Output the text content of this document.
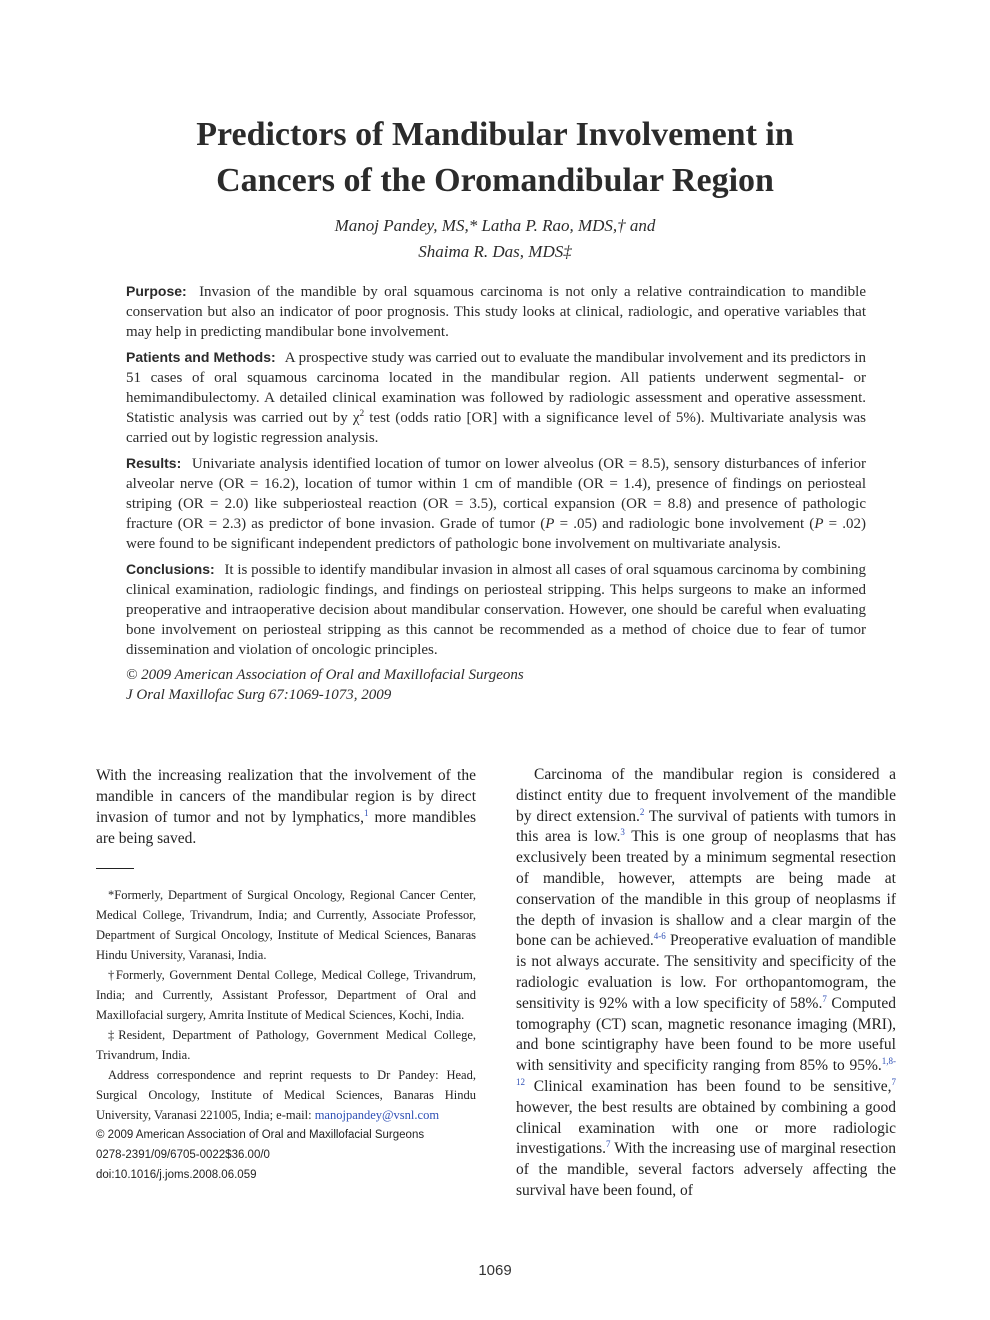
Predictors of Mandibular Involvement in
Cancers of the Oromandibular Region
Manoj Pandey, MS,* Latha P. Rao, MDS,† and
Shaima R. Das, MDS‡

Purpose: Invasion of the mandible by oral squamous carcinoma is not only a relative contraindication to mandible conservation but also an indicator of poor prognosis. This study looks at clinical, radiologic, and operative variables that may help in predicting mandibular bone involvement.

Patients and Methods: A prospective study was carried out to evaluate the mandibular involvement and its predictors in 51 cases of oral squamous carcinoma located in the mandibular region. All patients underwent segmental- or hemimandibulectomy. A detailed clinical examination was followed by radiologic assessment and operative assessment. Statistic analysis was carried out by $\chi^2$ test (odds ratio [OR] with a significance level of 5%). Multivariate analysis was carried out by logistic regression analysis.

Results: Univariate analysis identified location of tumor on lower alveolus (OR = 8.5), sensory disturbances of inferior alveolar nerve (OR = 16.2), location of tumor within 1 cm of mandible (OR = 1.4), presence of findings on periosteal striping (OR = 2.0) like subperiosteal reaction (OR = 3.5), cortical expansion (OR = 8.8) and presence of pathologic fracture (OR = 2.3) as predictor of bone invasion. Grade of tumor (P = .05) and radiologic bone involvement (P = .02) were found to be significant independent predictors of pathologic bone involvement on multivariate analysis.

Conclusions: It is possible to identify mandibular invasion in almost all cases of oral squamous carcinoma by combining clinical examination, radiologic findings, and findings on periosteal stripping. This helps surgeons to make an informed preoperative and intraoperative decision about mandibular conservation. However, one should be careful when evaluating bone involvement on periosteal stripping as this cannot be recommended as a method of choice due to fear of tumor dissemination and violation of oncologic principles.

© 2009 American Association of Oral and Maxillofacial Surgeons

J Oral Maxillofac Surg 67:1069-1073, 2009

With the increasing realization that the involvement of the mandible in cancers of the mandibular region is by direct invasion of tumor and not by lymphatics,$^1$ more mandibles are being saved.

*Formerly, Department of Surgical Oncology, Regional Cancer Center, Medical College, Trivandrum, India; and Currently, Associate Professor, Department of Surgical Oncology, Institute of Medical Sciences, Banaras Hindu University, Varanasi, India.

†Formerly, Government Dental College, Medical College, Trivandrum, India; and Currently, Assistant Professor, Department of Oral and Maxillofacial surgery, Amrita Institute of Medical Sciences, Kochi, India.

‡Resident, Department of Pathology, Government Medical College, Trivandrum, India.

Address correspondence and reprint requests to Dr Pandey: Head, Surgical Oncology, Institute of Medical Sciences, Banaras Hindu University, Varanasi 221005, India; e-mail: manojpandey@vsnl.com

© 2009 American Association of Oral and Maxillofacial Surgeons

0278-2391/09/6705-0022$36.00/0

doi:10.1016/j.joms.2008.06.059

Carcinoma of the mandibular region is considered a distinct entity due to frequent involvement of the mandible by direct extension.$^2$ The survival of patients with tumors in this area is low.$^3$ This is one group of neoplasms that has exclusively been treated by a minimum segmental resection of mandible, however, attempts are being made at conservation of the mandible in this group of neoplasms if the depth of invasion is shallow and a clear margin of the bone can be achieved.$^{4-6}$ Preoperative evaluation of mandible is not always accurate. The sensitivity and specificity of the radiologic evaluation is low. For orthopantomogram, the sensitivity is 92% with a low specificity of 58%.$^7$ Computed tomography (CT) scan, magnetic resonance imaging (MRI), and bone scintigraphy have been found to be more useful with sensitivity and specificity ranging from 85% to 95%.$^{1,8-12}$ Clinical examination has been found to be sensitive,$^7$ however, the best results are obtained by combining a good clinical examination with one or more radiologic investigations.$^7$ With the increasing use of marginal resection of the mandible, several factors adversely affecting the survival have been found, of

1069
